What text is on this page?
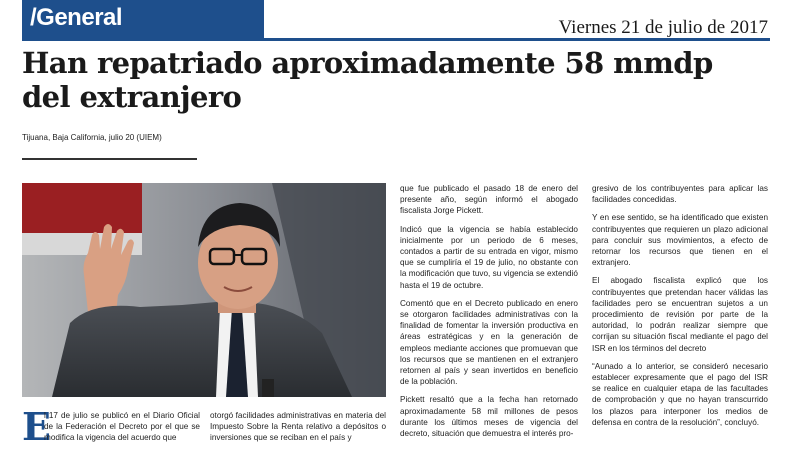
/General	Viernes 21 de julio de 2017
Han repatriado aproximadamente 58 mmdp del extranjero
Tijuana, Baja California, julio 20 (UIEM)
E
l 17 de julio se publicó en el Diario Oficial de la Federación el Decreto por el que se modifica la vigencia del acuerdo que
otorgó facilidades administrativas en materia del Impuesto Sobre la Renta relativo a depósitos o inversiones que se reciban en el país y

que fue publicado el pasado 18 de enero del presente año, según informó el abogado fiscalista Jorge Pickett.

Indicó que la vigencia se había establecido inicialmente por un periodo de 6 meses, contados a partir de su entrada en vigor, mismo que se cumpliría el 19 de julio, no obstante con la modificación que tuvo, su vigencia se extendió hasta el 19 de octubre.

Comentó que en el Decreto publicado en enero se otorgaron facilidades administrativas con la finalidad de fomentar la inversión productiva en áreas estratégicas y en la generación de empleos mediante acciones que promuevan que los recursos que se mantienen en el extranjero retornen al país y sean invertidos en beneficio de la población.

Pickett resaltó que a la fecha han retornado aproximadamente 58 mil millones de pesos durante los últimos meses de vigencia del decreto, situación que demuestra el interés pro-

gresivo de los contribuyentes para aplicar las facilidades concedidas.

Y en ese sentido, se ha identificado que existen contribuyentes que requieren un plazo adicional para concluir sus movimientos, a efecto de retornar los recursos que tienen en el extranjero.

El abogado fiscalista explicó que los contribuyentes que pretendan hacer válidas las facilidades pero se encuentran sujetos a un procedimiento de revisión por parte de la autoridad, lo podrán realizar siempre que corrijan su situación fiscal mediante el pago del ISR en los términos del decreto

“Aunado a lo anterior, se consideró necesario establecer expresamente que el pago del ISR se realice en cualquier etapa de las facultades de comprobación y que no hayan transcurrido los plazos para interponer los medios de defensa en contra de la resolución”, concluyó.
